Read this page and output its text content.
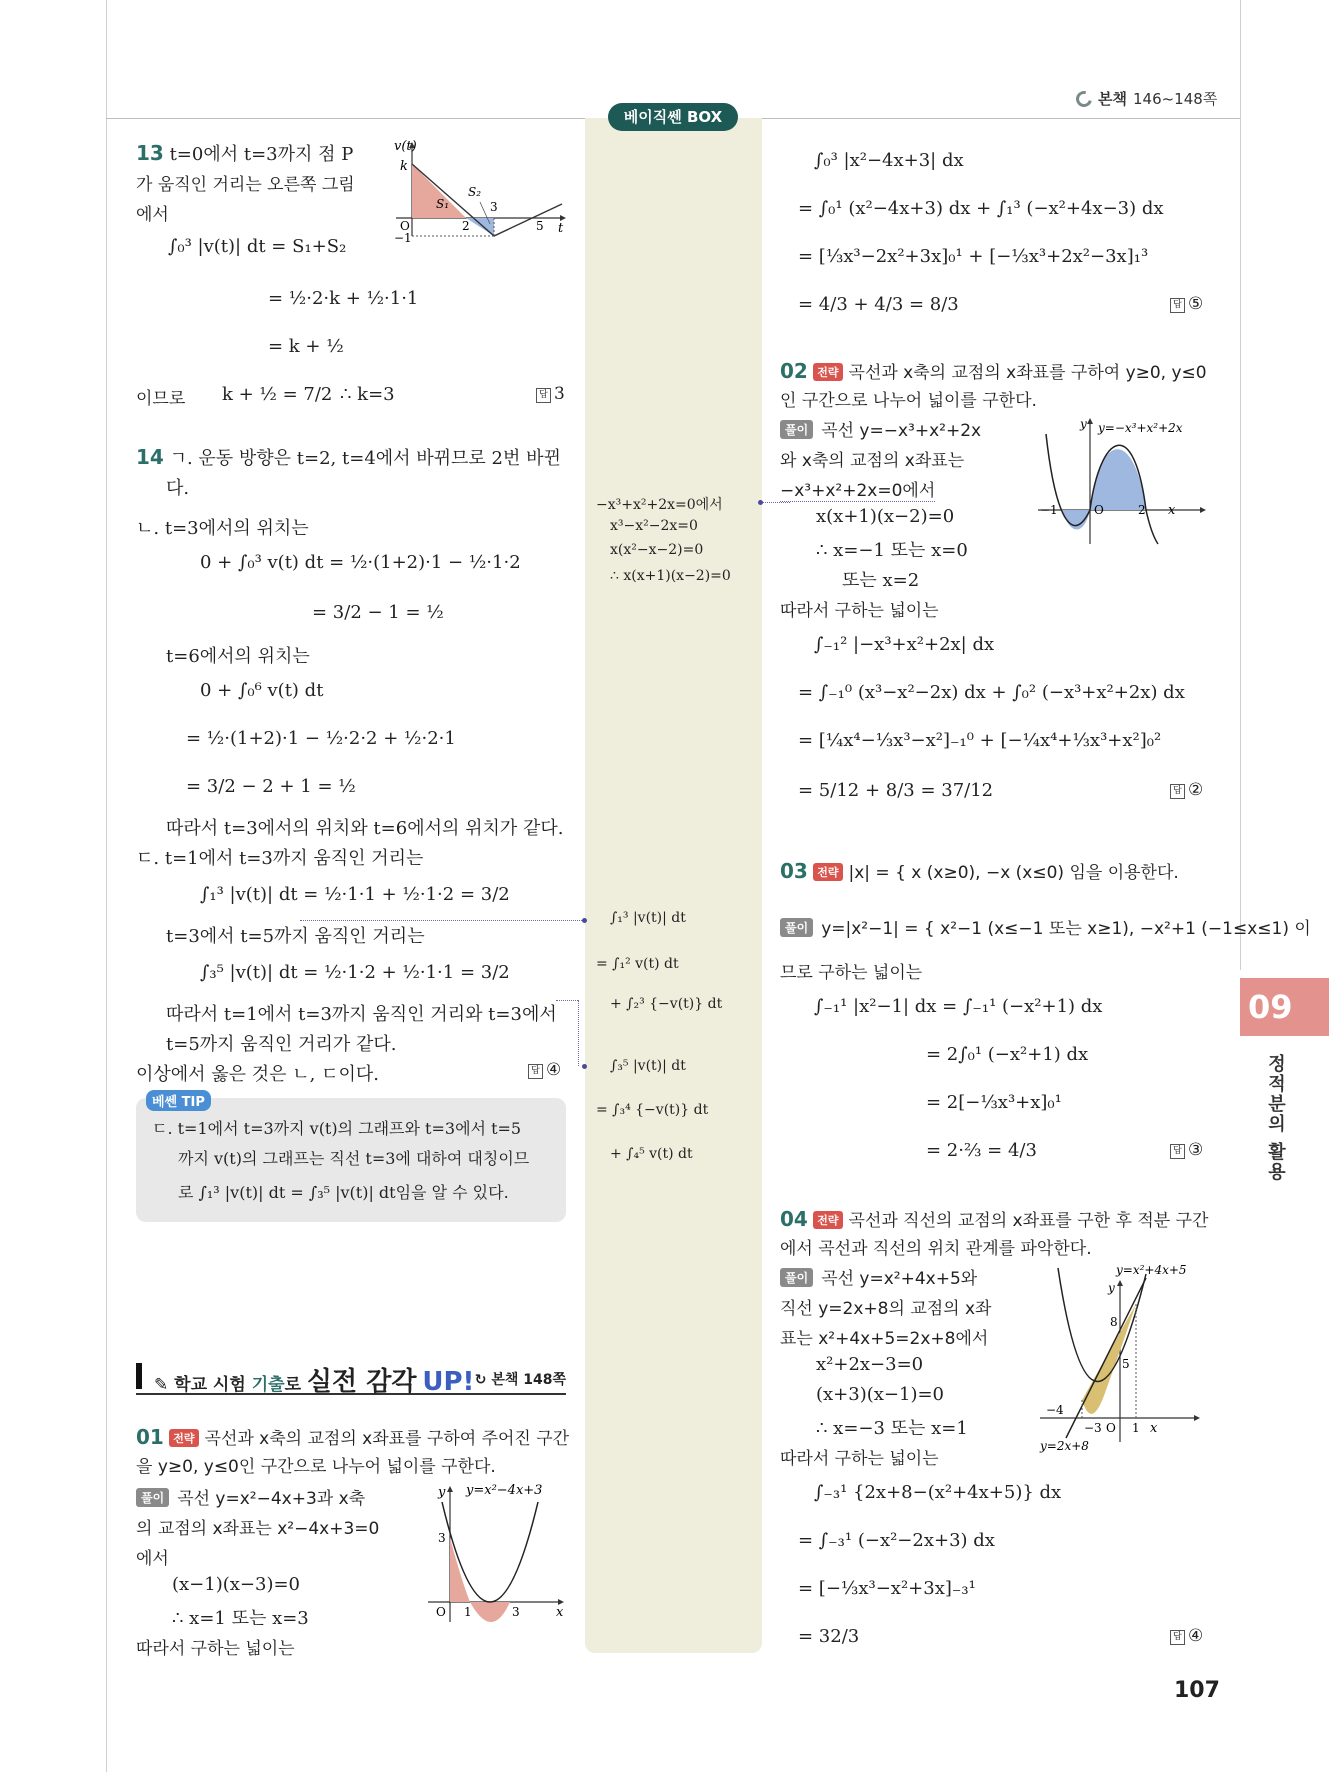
본책 146~148쪽
베이직쎈 BOX
13 t=0에서 t=3까지 점 P
가 움직인 거리는 오른쪽 그림
에서
∫₀³ |v(t)| dt = S₁+S₂
= ½·2·k + ½·1·1
= k + ½
이므로 k + ½ = 7/2 ∴ k=3	답 3
v(t)
k
S₁
S₂
O
−1
2
3
5 t
14 ㄱ. 운동 방향은 t=2, t=4에서 바뀌므로 2번 바뀐
다.
ㄴ. t=3에서의 위치는
0 + ∫₀³ v(t) dt = ½·(1+2)·1 − ½·1·2
= 3/2 − 1 = ½
t=6에서의 위치는
0 + ∫₀⁶ v(t) dt
= ½·(1+2)·1 − ½·2·2 + ½·2·1
= 3/2 − 2 + 1 = ½
따라서 t=3에서의 위치와 t=6에서의 위치가 같다.
ㄷ. t=1에서 t=3까지 움직인 거리는
∫₁³ |v(t)| dt = ½·1·1 + ½·1·2 = 3/2
t=3에서 t=5까지 움직인 거리는
∫₃⁵ |v(t)| dt = ½·1·2 + ½·1·1 = 3/2
따라서 t=1에서 t=3까지 움직인 거리와 t=3에서
t=5까지 움직인 거리가 같다.
이상에서 옳은 것은 ㄴ, ㄷ이다.	답 ④
베쎈 TIP
ㄷ. t=1에서 t=3까지 v(t)의 그래프와 t=3에서 t=5
까지 v(t)의 그래프는 직선 t=3에 대하여 대칭이므
로 ∫₁³ |v(t)| dt = ∫₃⁵ |v(t)| dt임을 알 수 있다.
✎ 학교 시험 기출로 실전 감각 UP! ↻ 본책 148쪽
01 전략 곡선과 x축의 교점의 x좌표를 구하여 주어진 구간
을 y≥0, y≤0인 구간으로 나누어 넓이를 구한다.
풀이 곡선 y=x²−4x+3과 x축
의 교점의 x좌표는 x²−4x+3=0
에서
(x−1)(x−3)=0
∴ x=1 또는 x=3
따라서 구하는 넓이는
y=x²−4x+3
y
3
O 1	3	x
−x³+x²+2x=0에서
x³−x²−2x=0
x(x²−x−2)=0
∴ x(x+1)(x−2)=0
∫₁³ |v(t)| dt
= ∫₁² v(t) dt
+ ∫₂³ {−v(t)} dt
∫₃⁵ |v(t)| dt
= ∫₃⁴ {−v(t)} dt
+ ∫₄⁵ v(t) dt
∫₀³ |x²−4x+3| dx
= ∫₀¹ (x²−4x+3) dx + ∫₁³ (−x²+4x−3) dx
= [⅓x³−2x²+3x]₀¹ + [−⅓x³+2x²−3x]₁³
= 4/3 + 4/3 = 8/3	답 ⑤
02 전략 곡선과 x축의 교점의 x좌표를 구하여 y≥0, y≤0
인 구간으로 나누어 넓이를 구한다.
풀이 곡선 y=−x³+x²+2x
와 x축의 교점의 x좌표는
−x³+x²+2x=0에서
x(x+1)(x−2)=0
∴ x=−1 또는 x=0
또는 x=2
따라서 구하는 넓이는
∫₋₁² |−x³+x²+2x| dx
= ∫₋₁⁰ (x³−x²−2x) dx + ∫₀² (−x³+x²+2x) dx
= [¼x⁴−⅓x³−x²]₋₁⁰ + [−¼x⁴+⅓x³+x²]₀²
= 5/12 + 8/3 = 37/12	답 ②
y=−x³+x²+2x
y
−1	O	2 x
03 전략 |x| = { x (x≥0), −x (x≤0) 임을 이용한다.
풀이 y=|x²−1| = { x²−1 (x≤−1 또는 x≥1), −x²+1 (−1≤x≤1) 이
므로 구하는 넓이는
∫₋₁¹ |x²−1| dx = ∫₋₁¹ (−x²+1) dx
= 2∫₀¹ (−x²+1) dx
= 2[−⅓x³+x]₀¹
= 2·⅔ = 4/3	답 ③
04 전략 곡선과 직선의 교점의 x좌표를 구한 후 적분 구간
에서 곡선과 직선의 위치 관계를 파악한다.
풀이 곡선 y=x²+4x+5와
직선 y=2x+8의 교점의 x좌
표는 x²+4x+5=2x+8에서
x²+2x−3=0
(x+3)(x−1)=0
∴ x=−3 또는 x=1
따라서 구하는 넓이는
∫₋₃¹ {2x+8−(x²+4x+5)} dx
= ∫₋₃¹ (−x²−2x+3) dx
= [−⅓x³−x²+3x]₋₃¹
= 32/3	답 ④
y=x²+4x+5
y
8
5
−4
−3 O 1 x
y=2x+8
09
정적분의 활용
107
